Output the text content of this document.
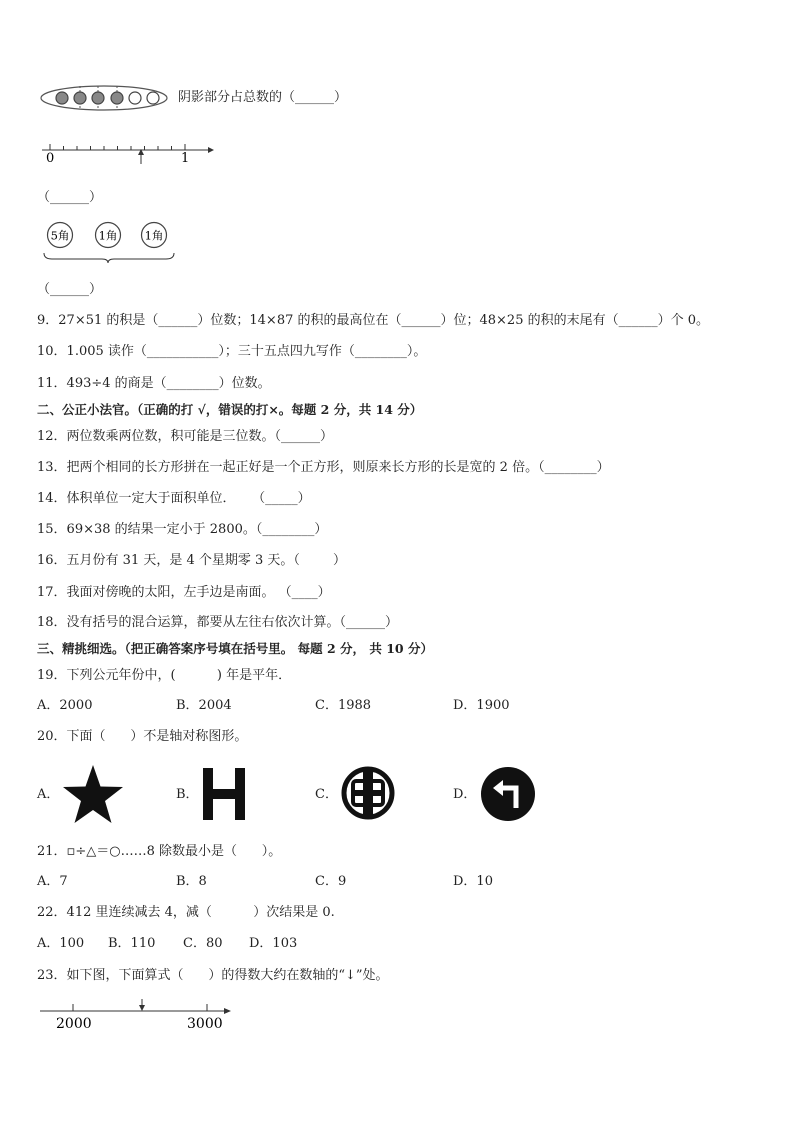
阴影部分占总数的（______）
0	1
（______）
5角	1角 1角
（______）
9．27×51 的积是（______）位数；14×87 的积的最高位在（______）位；48×25 的积的末尾有（______）个 0。
10．1.005 读作（___________）；三十五点四九写作（________）。
11．493÷4 的商是（________）位数。
二、公正小法官。（正确的打 √，错误的打×。每题 2 分，共 14 分）
12．两位数乘两位数，积可能是三位数。（______）
13．把两个相同的长方形拼在一起正好是一个正方形，则原来长方形的长是宽的 2 倍。（________）
14．体积单位一定大于面积单位．    （_____）
15．69×38 的结果一定小于 2800。（________）
16．五月份有 31 天，是 4 个星期零 3 天。（        ）
17．我面对傍晚的太阳，左手边是南面。 （____）
18．没有括号的混合运算，都要从左往右依次计算。（______）
三、精挑细选。（把正确答案序号填在括号里。 每题 2 分， 共 10 分）
19．下列公元年份中，(          ) 年是平年．
A．2000	B．2004	C．1988	D．1900
20．下面（      ）不是轴对称图形。
A．	B．	C．	D．
21．▫÷△＝○……8 除数最小是（      ）。
A．7	B．8	C．9	D．10
22．412 里连续减去 4，减（          ）次结果是 0.
A．100 B．110 C．80 D．103
23．如下图，下面算式（      ）的得数大约在数轴的“↓”处。
2000	3000
